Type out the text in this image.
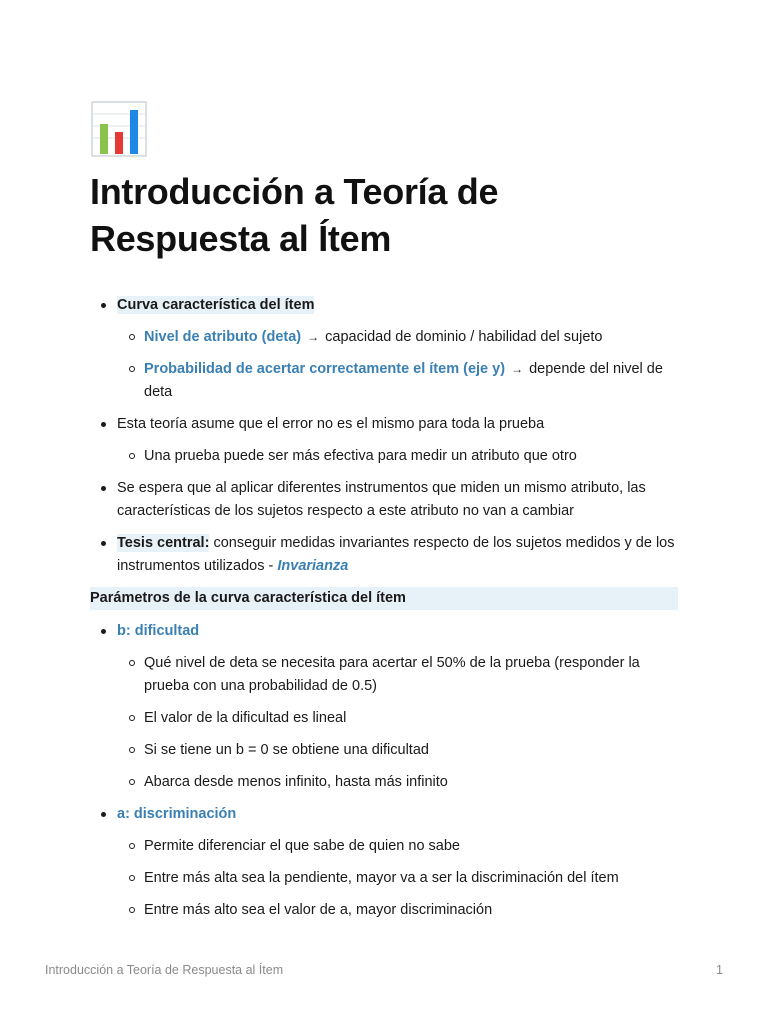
Introducción a Teoría de Respuesta al Ítem
Curva característica del ítem
Nivel de atributo (deta) → capacidad de dominio / habilidad del sujeto
Probabilidad de acertar correctamente el ítem (eje y) → depende del nivel de deta
Esta teoría asume que el error no es el mismo para toda la prueba
Una prueba puede ser más efectiva para medir un atributo que otro
Se espera que al aplicar diferentes instrumentos que miden un mismo atributo, las características de los sujetos respecto a este atributo no van a cambiar
Tesis central: conseguir medidas invariantes respecto de los sujetos medidos y de los instrumentos utilizados - Invarianza
Parámetros de la curva característica del ítem
b: dificultad
Qué nivel de deta se necesita para acertar el 50% de la prueba (responder la prueba con una probabilidad de 0.5)
El valor de la dificultad es lineal
Si se tiene un b = 0 se obtiene una dificultad
Abarca desde menos infinito, hasta más infinito
a: discriminación
Permite diferenciar el que sabe de quien no sabe
Entre más alta sea la pendiente, mayor va a ser la discriminación del ítem
Entre más alto sea el valor de a, mayor discriminación
Introducción a Teoría de Respuesta al Ítem	1
